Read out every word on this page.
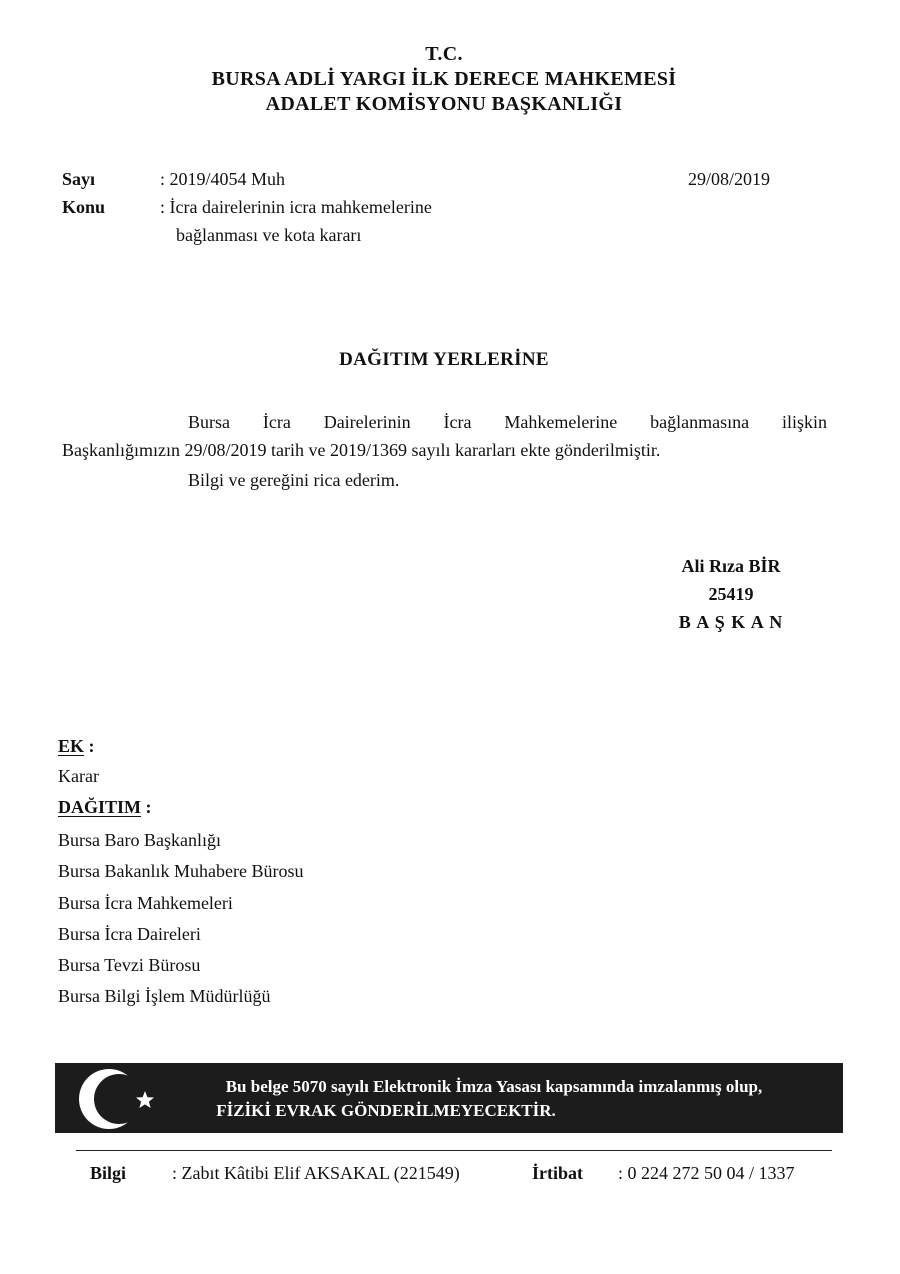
T.C.
BURSA ADLİ YARGI İLK DERECE MAHKEMESİ
ADALET KOMİSYONU BAŞKANLIĞI
Sayı	: 2019/4054 Muh	29/08/2019
Konu	: İcra dairelerinin icra mahkemelerine
bağlanması ve kota kararı
DAĞITIM YERLERİNE
Bursa İcra Dairelerinin İcra Mahkemelerine bağlanmasına ilişkin
Başkanlığımızın 29/08/2019 tarih ve 2019/1369 sayılı kararları ekte gönderilmiştir.
Bilgi ve gereğini rica ederim.
Ali Rıza BİR
25419
B A Ş K A N
EK :
Karar
DAĞITIM :
Bursa Baro Başkanlığı
Bursa Bakanlık Muhabere Bürosu
Bursa İcra Mahkemeleri
Bursa İcra Daireleri
Bursa Tevzi Bürosu
Bursa Bilgi İşlem Müdürlüğü
Bu belge 5070 sayılı Elektronik İmza Yasası kapsamında imzalanmış olup,
FİZİKİ EVRAK GÖNDERİLMEYECEKTİR.
Bilgi	: Zabıt Kâtibi Elif AKSAKAL (221549)	İrtibat : 0 224 272 50 04 / 1337
